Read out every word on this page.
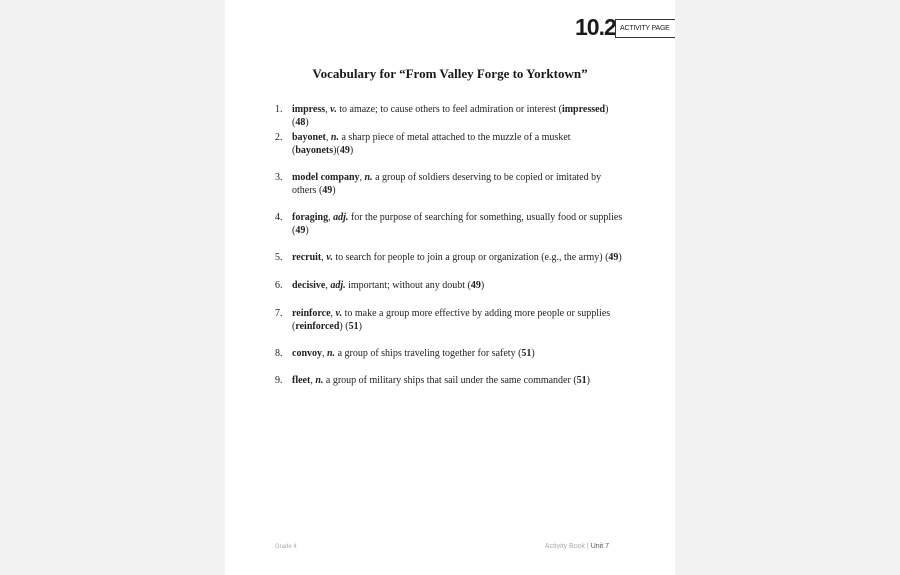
10.2 ACTIVITY PAGE
Vocabulary for “From Valley Forge to Yorktown”
1. impress, v. to amaze; to cause others to feel admiration or interest (impressed) (48)
2. bayonet, n. a sharp piece of metal attached to the muzzle of a musket
(bayonets)(49)
3. model company, n. a group of soldiers deserving to be copied or imitated by others (49)
4. foraging, adj. for the purpose of searching for something, usually food or supplies (49)
5. recruit, v. to search for people to join a group or organization (e.g., the army) (49)
6. decisive, adj. important; without any doubt (49)
7. reinforce, v. to make a group more effective by adding more people or supplies
(reinforced) (51)
8. convoy, n. a group of ships traveling together for safety (51)
9. fleet, n. a group of military ships that sail under the same commander (51)
Grade 4	Activity Book | Unit 7
